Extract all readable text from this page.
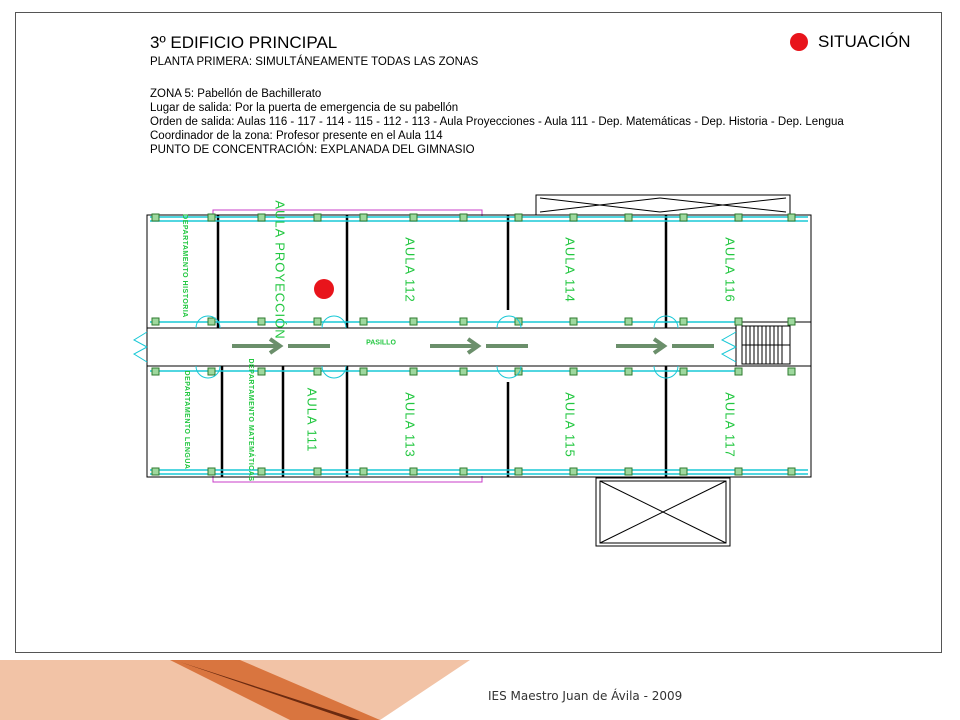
3º EDIFICIO PRINCIPAL
PLANTA PRIMERA: SIMULTÁNEAMENTE TODAS LAS ZONAS
ZONA 5: Pabellón de Bachillerato
Lugar de salida: Por la puerta de emergencia de su pabellón
Orden de salida: Aulas 116 - 117 - 114 - 115 - 112 - 113 - Aula Proyecciones - Aula 111 - Dep. Matemáticas - Dep. Historia - Dep. Lengua
Coordinador de la zona: Profesor presente en el Aula 114
PUNTO DE CONCENTRACIÓN: EXPLANADA DEL GIMNASIO
SITUACIÓN
DEPARTAMENTO HISTORIA	AULA PROYECCIÓN	AULA 112	AULA 114	AULA 116
DEPARTAMENTO LENGUA	DEPARTAMENTO MATEMÁTICAS	AULA 111	AULA 113	AULA 115	AULA 117
PASILLO
IES Maestro Juan de Ávila - 2009
